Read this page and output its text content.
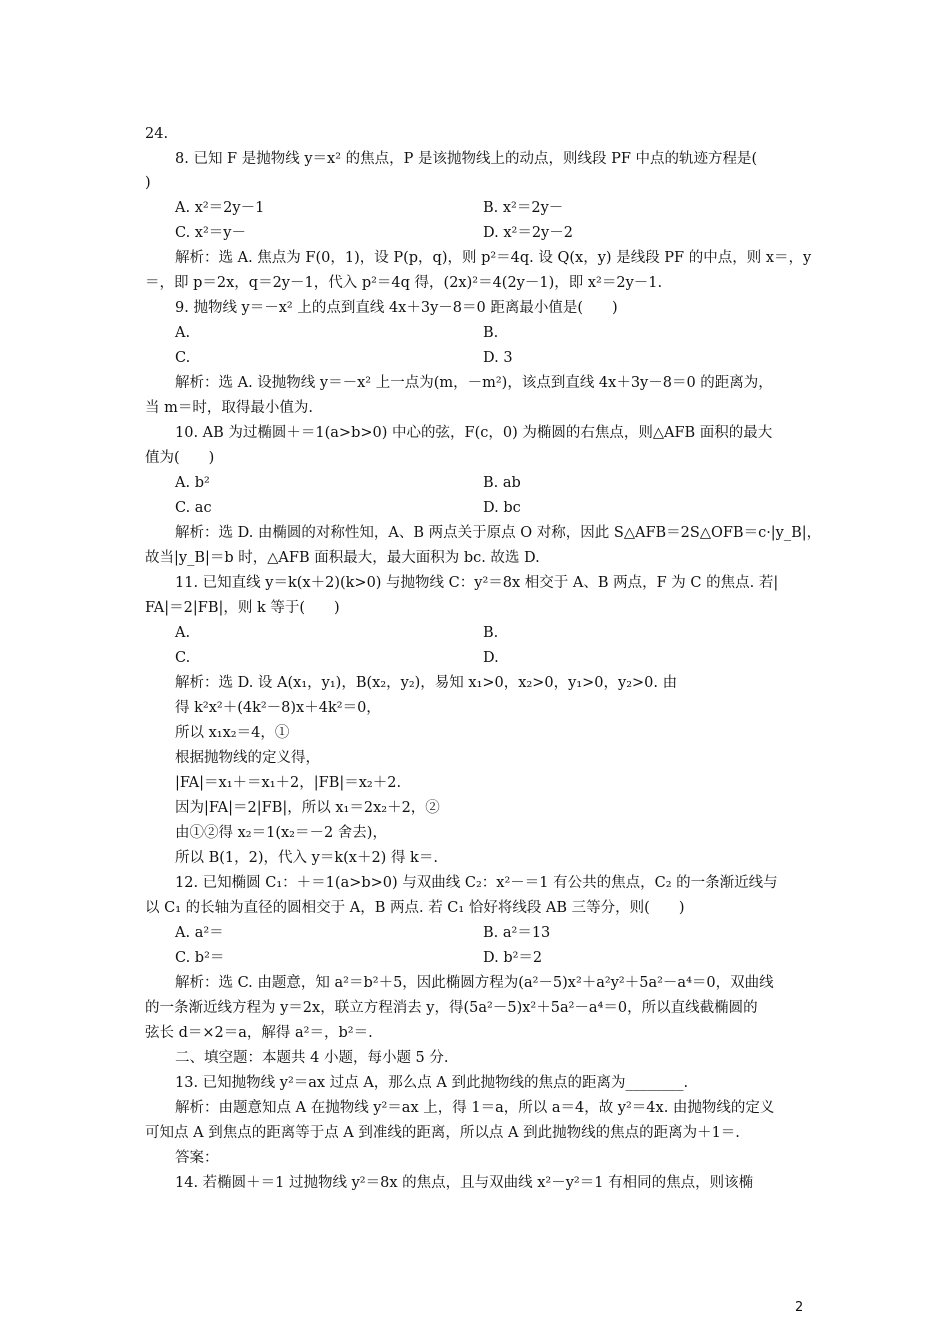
24.
8. 已知 F 是抛物线 y＝x² 的焦点，P 是该抛物线上的动点，则线段 PF 中点的轨迹方程是(
)
A. x²＝2y－1	B. x²＝2y－
C. x²＝y－	D. x²＝2y－2
解析：选 A. 焦点为 F(0，1)，设 P(p，q)，则 p²＝4q. 设 Q(x，y) 是线段 PF 的中点，则 x＝，y
＝，即 p＝2x，q＝2y－1，代入 p²＝4q 得，(2x)²＝4(2y－1)，即 x²＝2y－1.
9. 抛物线 y＝－x² 上的点到直线 4x＋3y－8＝0 距离最小值是(　　)
A.	B.
C.	D. 3
解析：选 A. 设抛物线 y＝－x² 上一点为(m，－m²)，该点到直线 4x＋3y－8＝0 的距离为，
当 m＝时，取得最小值为.
10. AB 为过椭圆＋＝1(a>b>0) 中心的弦，F(c，0) 为椭圆的右焦点，则△AFB 面积的最大
值为(　　)
A. b²	B. ab
C. ac	D. bc
解析：选 D. 由椭圆的对称性知，A、B 两点关于原点 O 对称，因此 S△AFB＝2S△OFB＝c·|y_B|，
故当|y_B|＝b 时，△AFB 面积最大，最大面积为 bc. 故选 D.
11. 已知直线 y＝k(x＋2)(k>0) 与抛物线 C：y²＝8x 相交于 A、B 两点，F 为 C 的焦点. 若|
FA|＝2|FB|，则 k 等于(　　)
A.	B.
C.	D.
解析：选 D. 设 A(x₁，y₁)，B(x₂，y₂)，易知 x₁>0，x₂>0，y₁>0，y₂>0. 由
得 k²x²＋(4k²－8)x＋4k²＝0，
所以 x₁x₂＝4，①
根据抛物线的定义得，
|FA|＝x₁＋＝x₁＋2，|FB|＝x₂＋2.
因为|FA|＝2|FB|，所以 x₁＝2x₂＋2，②
由①②得 x₂＝1(x₂＝－2 舍去)，
所以 B(1，2)，代入 y＝k(x＋2) 得 k＝.
12. 已知椭圆 C₁：＋＝1(a>b>0) 与双曲线 C₂：x²－＝1 有公共的焦点，C₂ 的一条渐近线与
以 C₁ 的长轴为直径的圆相交于 A，B 两点. 若 C₁ 恰好将线段 AB 三等分，则(　　)
A. a²＝	B. a²＝13
C. b²＝	D. b²＝2
解析：选 C. 由题意，知 a²＝b²＋5，因此椭圆方程为(a²－5)x²＋a²y²＋5a²－a⁴＝0，双曲线
的一条渐近线方程为 y＝2x，联立方程消去 y，得(5a²－5)x²＋5a²－a⁴＝0，所以直线截椭圆的
弦长 d＝×2＝a，解得 a²＝，b²＝.
二、填空题：本题共 4 小题，每小题 5 分.
13. 已知抛物线 y²＝ax 过点 A，那么点 A 到此抛物线的焦点的距离为________.
解析：由题意知点 A 在抛物线 y²＝ax 上，得 1＝a，所以 a＝4，故 y²＝4x. 由抛物线的定义
可知点 A 到焦点的距离等于点 A 到准线的距离，所以点 A 到此抛物线的焦点的距离为＋1＝.
答案：
14. 若椭圆＋＝1 过抛物线 y²＝8x 的焦点，且与双曲线 x²－y²＝1 有相同的焦点，则该椭
2
